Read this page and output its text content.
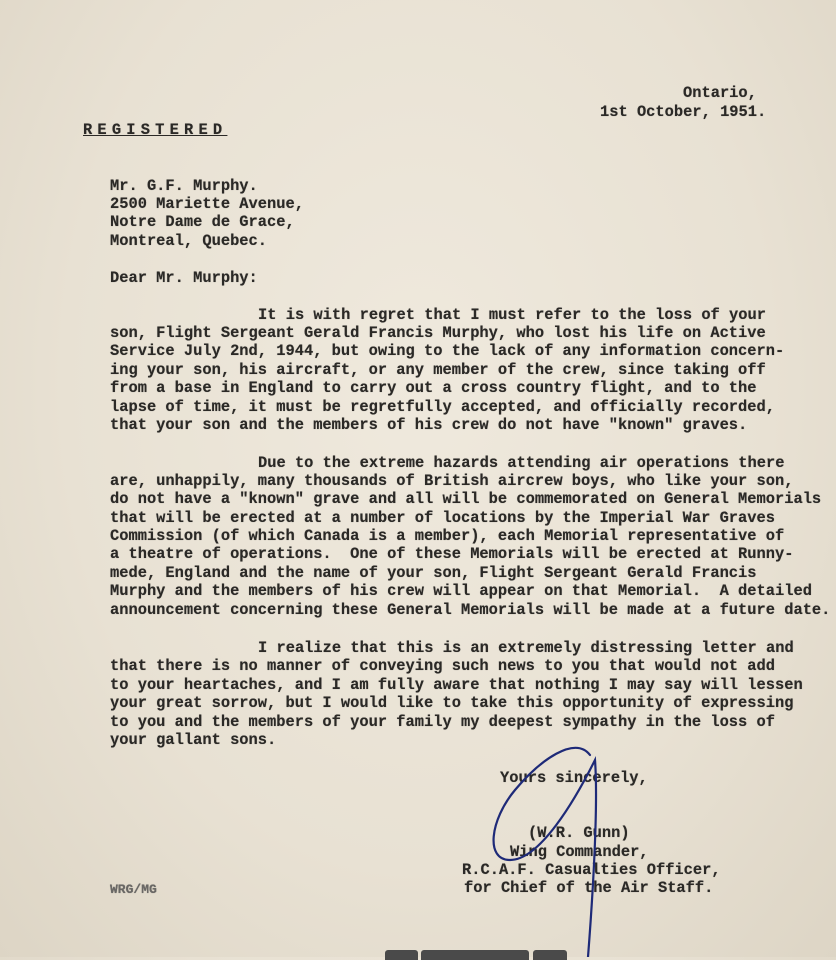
Ontario,
1st October, 1951.
REGISTERED
Mr. G.F. Murphy.
2500 Mariette Avenue,
Notre Dame de Grace,
Montreal, Quebec.
Dear Mr. Murphy:
It is with regret that I must refer to the loss of your
son, Flight Sergeant Gerald Francis Murphy, who lost his life on Active
Service July 2nd, 1944, but owing to the lack of any information concern-
ing your son, his aircraft, or any member of the crew, since taking off
from a base in England to carry out a cross country flight, and to the
lapse of time, it must be regretfully accepted, and officially recorded,
that your son and the members of his crew do not have "known" graves.
Due to the extreme hazards attending air operations there
are, unhappily, many thousands of British aircrew boys, who like your son,
do not have a "known" grave and all will be commemorated on General Memorials
that will be erected at a number of locations by the Imperial War Graves
Commission (of which Canada is a member), each Memorial representative of
a theatre of operations.  One of these Memorials will be erected at Runny-
mede, England and the name of your son, Flight Sergeant Gerald Francis
Murphy and the members of his crew will appear on that Memorial.  A detailed
announcement concerning these General Memorials will be made at a future date.
I realize that this is an extremely distressing letter and
that there is no manner of conveying such news to you that would not add
to your heartaches, and I am fully aware that nothing I may say will lessen
your great sorrow, but I would like to take this opportunity of expressing
to you and the members of your family my deepest sympathy in the loss of
your gallant sons.
Yours sincerely,
(W.R. Gunn)
Wing Commander,
R.C.A.F. Casualties Officer,
for Chief of the Air Staff.
WRG/MG
